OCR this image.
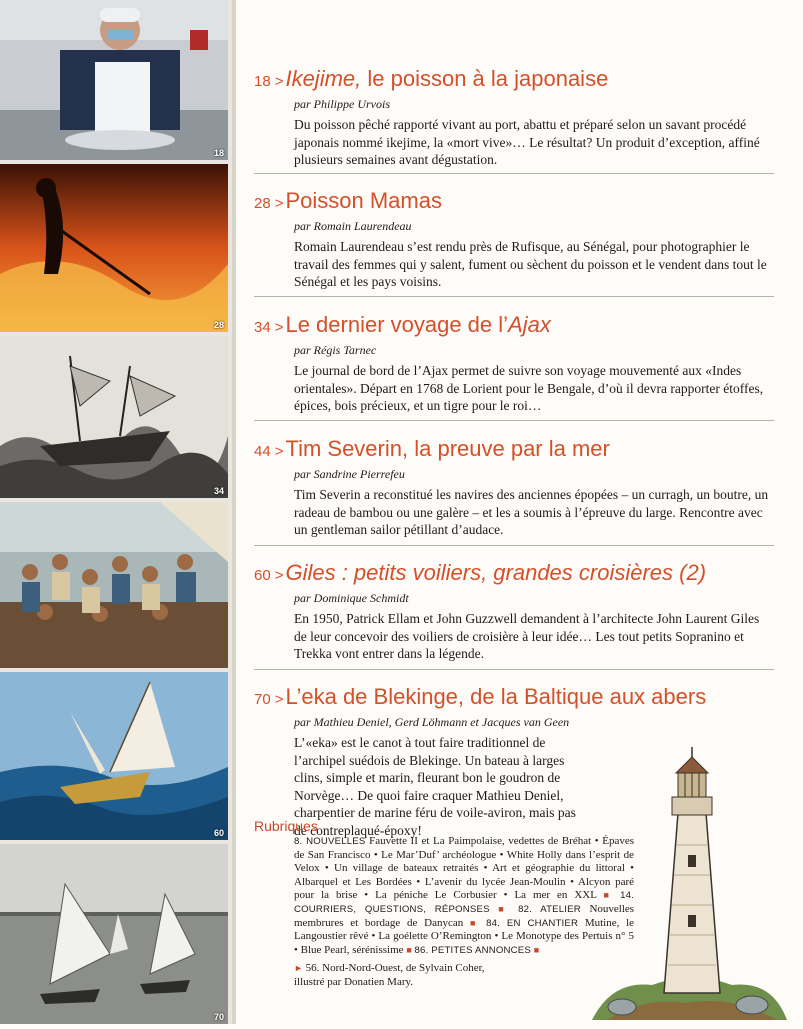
18
28
34
60
70
18 >Ikejime, le poisson à la japonaise
par Philippe Urvois
Du poisson pêché rapporté vivant au port, abattu et préparé selon un savant procédé japonais nommé ikejime, la «mort vive»… Le résultat? Un produit d’exception, affiné plusieurs semaines avant dégustation.
28 >Poisson Mamas
par Romain Laurendeau
Romain Laurendeau s’est rendu près de Rufisque, au Sénégal, pour photographier le travail des femmes qui y salent, fument ou sèchent du poisson et le vendent dans tout le Sénégal et les pays voisins.
34 >Le dernier voyage de l’Ajax
par Régis Tarnec
Le journal de bord de l’Ajax permet de suivre son voyage mouvementé aux «Indes orientales». Départ en 1768 de Lorient pour le Bengale, d’où il devra rapporter étoffes, épices, bois précieux, et un tigre pour le roi…
44 >Tim Severin, la preuve par la mer
par Sandrine Pierrefeu
Tim Severin a reconstitué les navires des anciennes épopées – un curragh, un boutre, un radeau de bambou ou une galère – et les a soumis à l’épreuve du large. Rencontre avec un gentleman sailor pétillant d’audace.
60 >Giles : petits voiliers, grandes croisières (2)
par Dominique Schmidt
En 1950, Patrick Ellam et John Guzzwell demandent à l’architecte John Laurent Giles de leur concevoir des voiliers de croisière à leur idée… Les tout petits Sopranino et Trekka vont entrer dans la légende.
70 >L’eka de Blekinge, de la Baltique aux abers
par Mathieu Deniel, Gerd Löhmann et Jacques van Geen
L’«eka» est le canot à tout faire traditionnel de l’archipel suédois de Blekinge. Un bateau à larges clins, simple et marin, fleurant bon le goudron de Norvège… De quoi faire craquer Mathieu Deniel, charpentier de marine féru de voile-aviron, mais pas de contreplaqué-époxy!
Rubriques
8. NOUVELLES Fauvette II et La Paimpolaise, vedettes de Bréhat • Épaves de San Francisco • Le Mar’Duf’ archéologue • White Holly dans l’esprit de Velox • Un village de bateaux retraités • Art et géographie du littoral • Albarquel et Les Bordées • L’avenir du lycée Jean-Moulin • Alcyon paré pour la brise • La péniche Le Corbusier • La mer en XXL ■ 14. COURRIERS, QUESTIONS, RÉPONSES ■ 82. ATELIER Nouvelles membrures et bordage de Danycan ■ 84. EN CHANTIER Mutine, le Langoustier rêvé • La goélette O’Remington • Le Monotype des Pertuis n° 5 • Blue Pearl, sérénissime ■ 86. PETITES ANNONCES ■
► 56. Nord-Nord-Ouest, de Sylvain Coher,
illustré par Donatien Mary.
